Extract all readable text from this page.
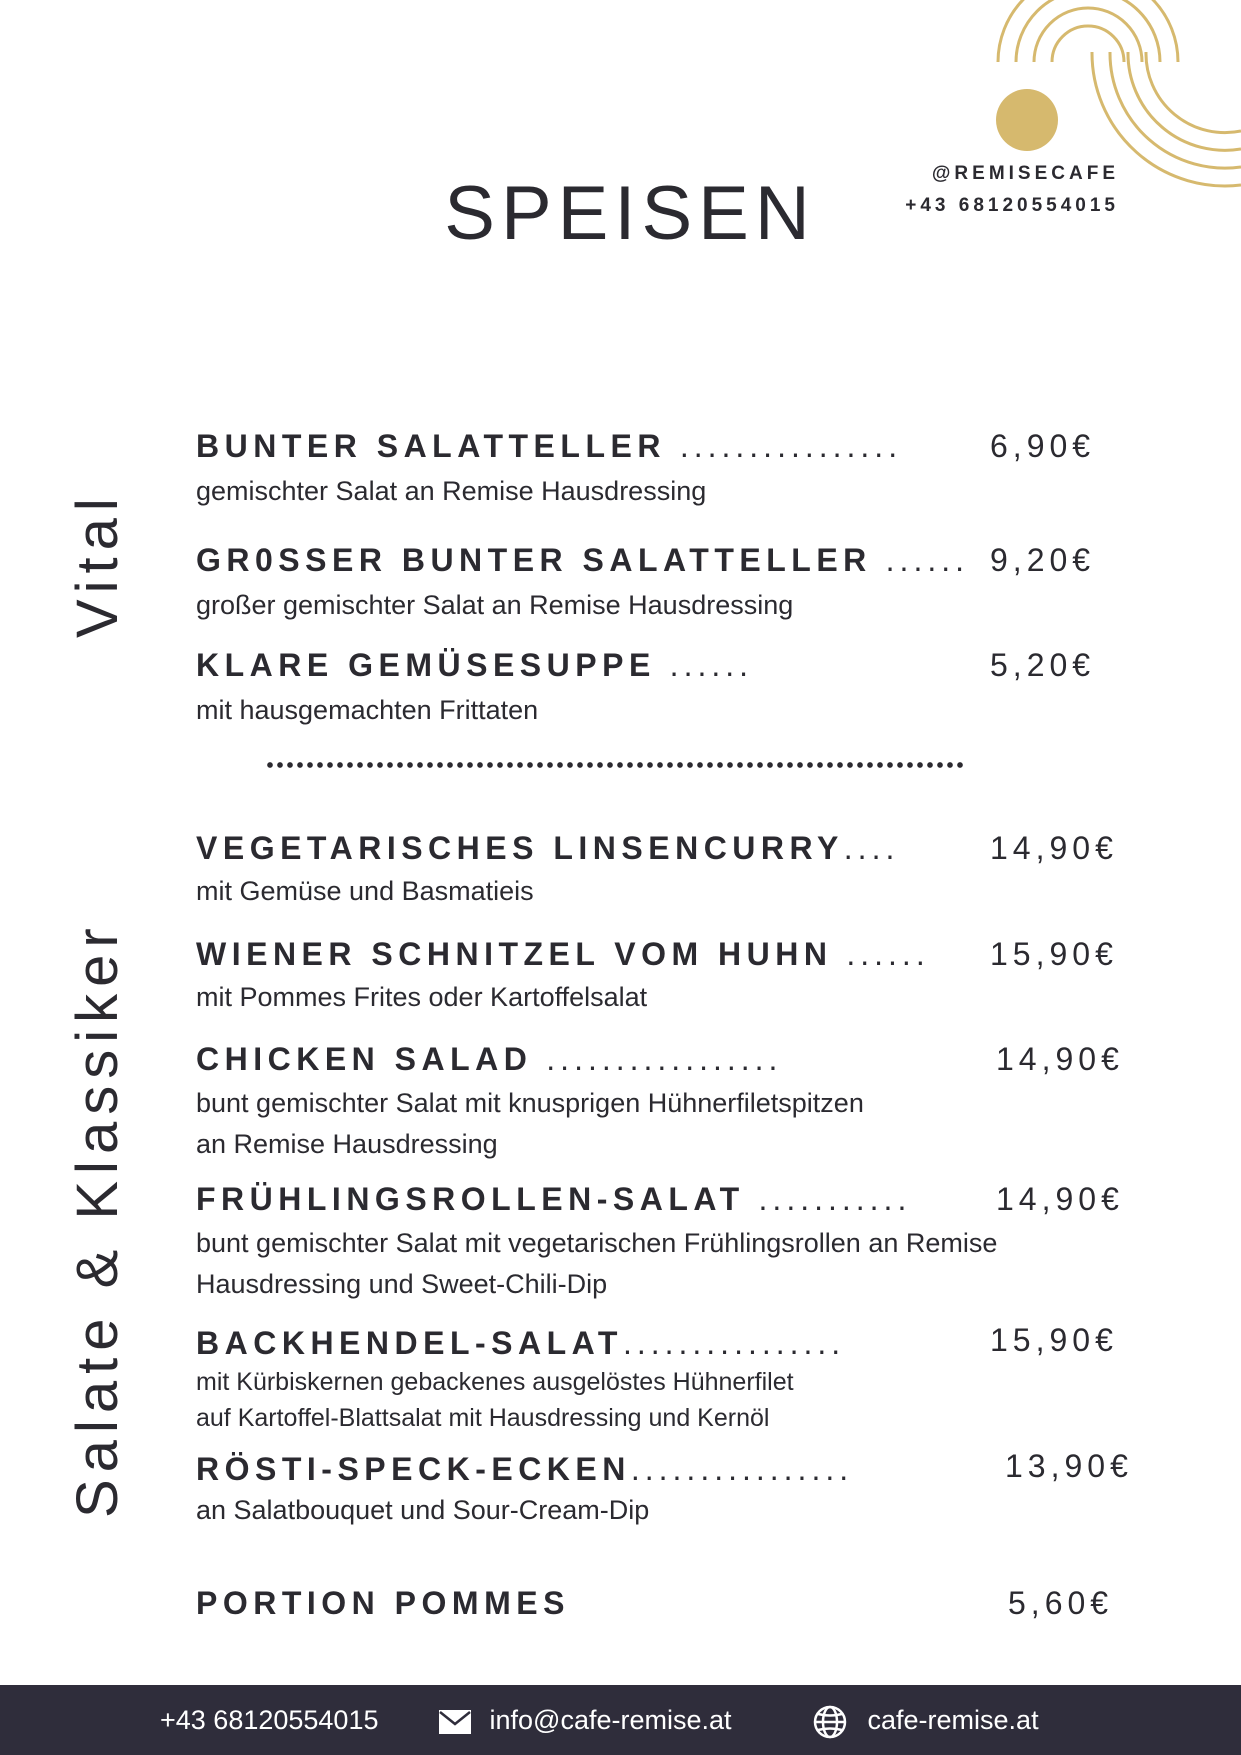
SPEISEN	@REMISECAFE
+43 68120554015
Vital
Salate & Klassiker
BUNTER SALATTELLER ................	6,90€
gemischter Salat an Remise Hausdressing
GR0SSER BUNTER SALATTELLER ...... 9,20€
großer gemischter Salat an Remise Hausdressing
KLARE GEMÜSESUPPE ......	5,20€
mit hausgemachten Frittaten
VEGETARISCHES LINSENCURRY....	14,90€
mit Gemüse und Basmatieis
WIENER SCHNITZEL VOM HUHN ...... 15,90€
mit Pommes Frites oder Kartoffelsalat
CHICKEN SALAD .................	14,90€
bunt gemischter Salat mit knusprigen Hühnerfiletspitzen
an Remise Hausdressing
FRÜHLINGSROLLEN-SALAT ...........	14,90€
bunt gemischter Salat mit vegetarischen Frühlingsrollen an Remise
Hausdressing und Sweet-Chili-Dip
BACKHENDEL-SALAT................	15,90€
mit Kürbiskernen gebackenes ausgelöstes Hühnerfilet
auf Kartoffel-Blattsalat mit Hausdressing und Kernöl
RÖSTI-SPECK-ECKEN................	13,90€
an Salatbouquet und Sour-Cream-Dip
PORTION POMMES	5,60€
+43 68120554015	info@cafe-remise.at	cafe-remise.at
